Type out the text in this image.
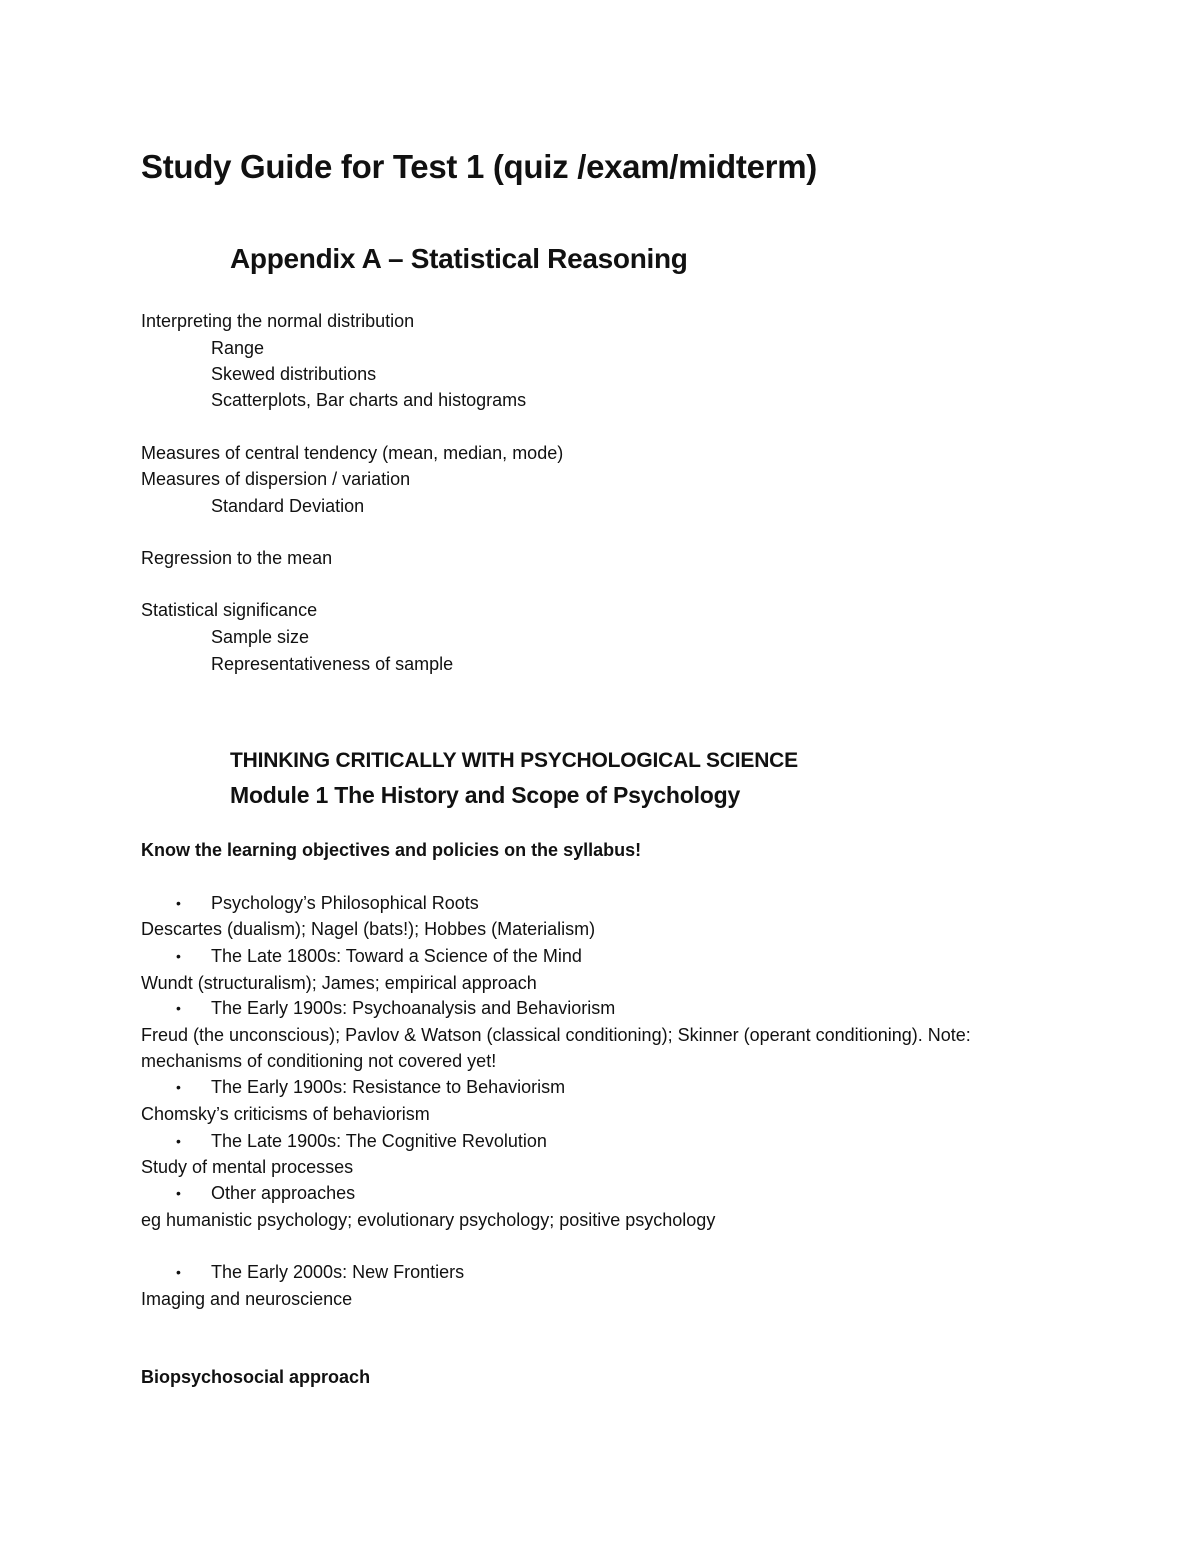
Study Guide for Test 1 (quiz /exam/midterm)
Appendix A – Statistical Reasoning
Interpreting the normal distribution
Range
Skewed distributions
Scatterplots, Bar charts and histograms
Measures of central tendency (mean, median, mode)
Measures of dispersion / variation
Standard Deviation
Regression to the mean
Statistical significance
Sample size
Representativeness of sample
THINKING CRITICALLY WITH PSYCHOLOGICAL SCIENCE
Module 1 The History and Scope of Psychology
Know the learning objectives and policies on the syllabus!
• Psychology’s Philosophical Roots
Descartes (dualism); Nagel (bats!); Hobbes (Materialism)
• The Late 1800s: Toward a Science of the Mind
Wundt (structuralism); James; empirical approach
• The Early 1900s: Psychoanalysis and Behaviorism
Freud (the unconscious); Pavlov & Watson (classical conditioning); Skinner (operant conditioning). Note:
mechanisms of conditioning not covered yet!
• The Early 1900s: Resistance to Behaviorism
Chomsky’s criticisms of behaviorism
• The Late 1900s: The Cognitive Revolution
Study of mental processes
• Other approaches
eg humanistic psychology; evolutionary psychology; positive psychology
• The Early 2000s: New Frontiers
Imaging and neuroscience
Biopsychosocial approach
